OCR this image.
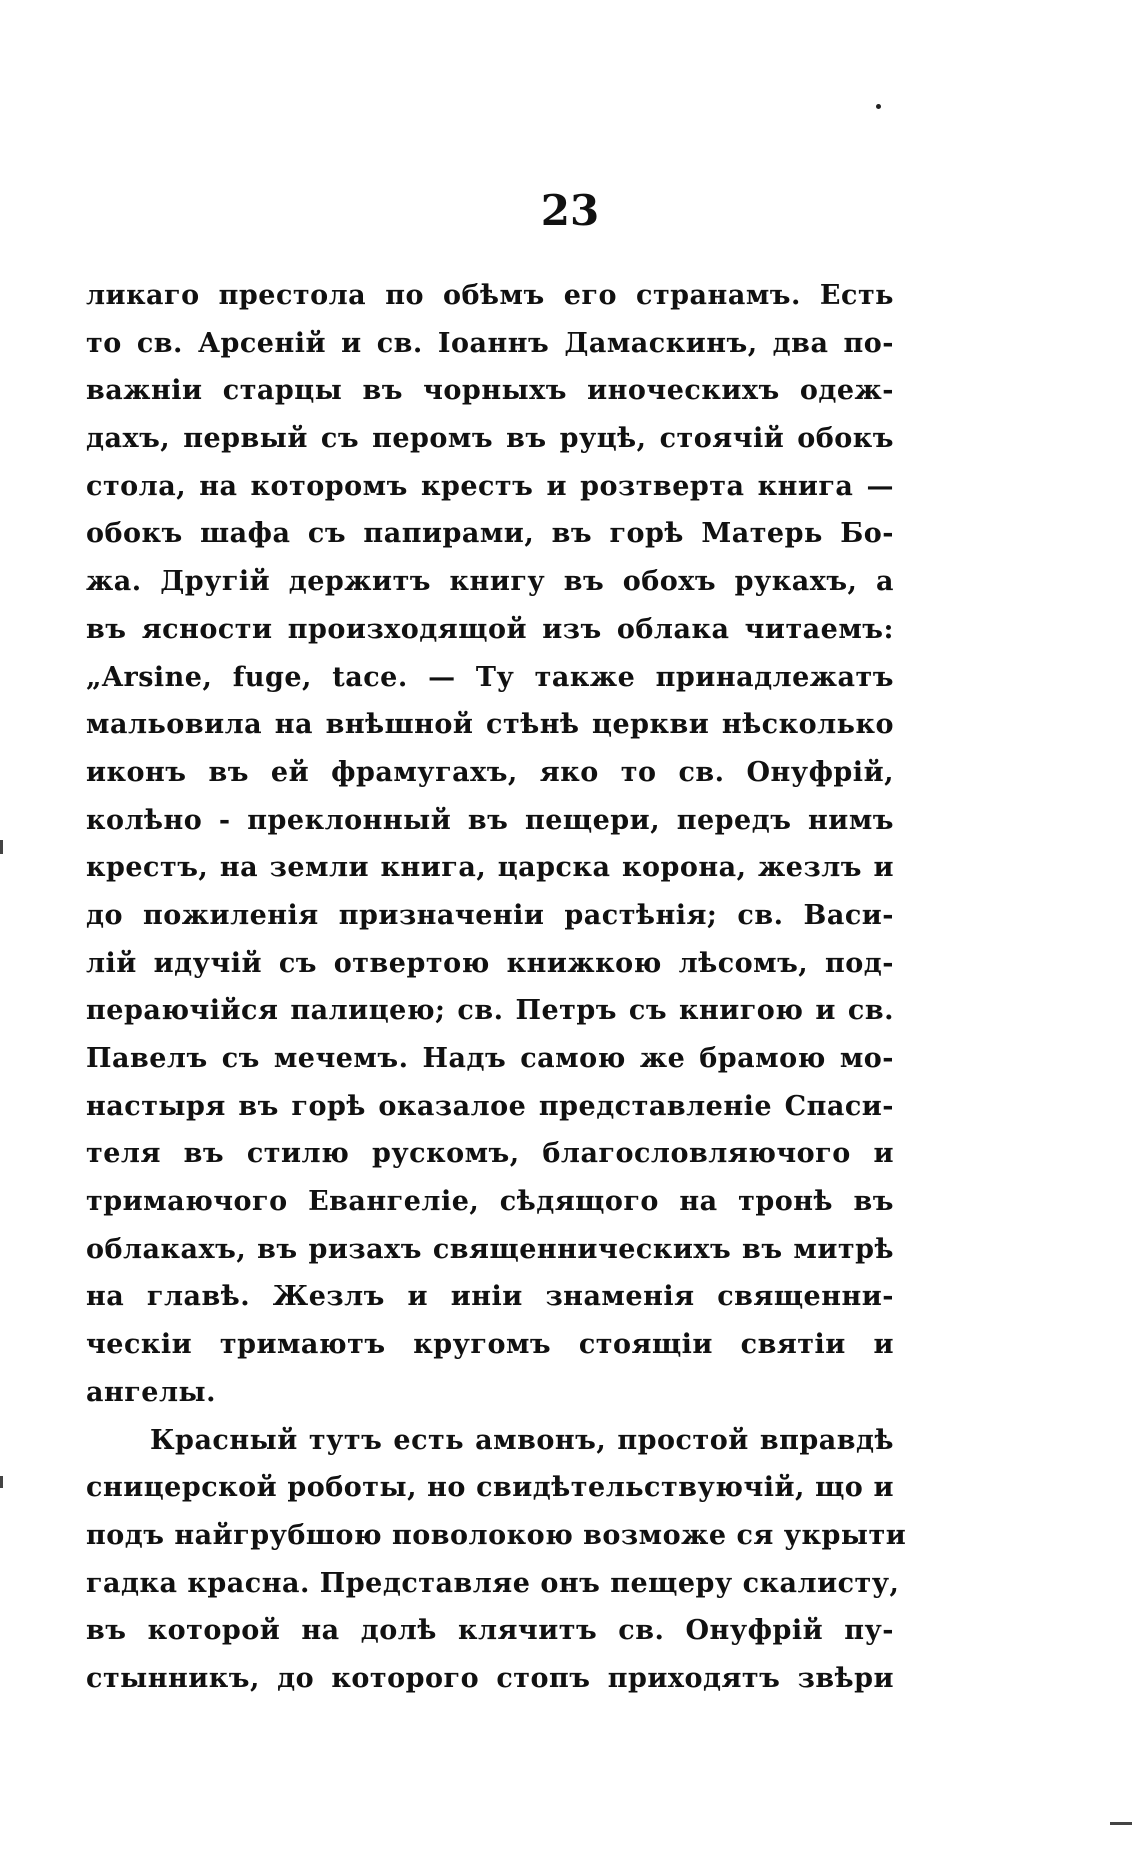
23
ликаго престола по обѣмъ его странамъ. Есть
то св. Арсеній и св. Іоаннъ Дамаскинъ, два по-
важніи старцы въ чорныхъ иноческихъ одеж-
дахъ, первый съ перомъ въ руцѣ, стоячій обокъ
стола, на которомъ крестъ и розтверта книга —
обокъ шафа съ папирами, въ горѣ Матерь Бо-
жа. Другій держитъ книгу въ обохъ рукахъ, а
въ ясности произходящой изъ облака читаемъ:
„Arsine, fuge, tace. — Ту также принадлежатъ
мальовила на внѣшной стѣнѣ церкви нѣсколько
иконъ въ ей фрамугахъ, яко то св. Онуфрій,
колѣно - преклонный въ пещери, передъ нимъ
крестъ, на земли книга, царска корона, жезлъ и
до пожиленія призначеніи растѣнія; св. Васи-
лій идучій съ отвертою книжкою лѣсомъ, под-
пераючійся палицею; св. Петръ съ книгою и св.
Павелъ съ мечемъ. Надъ самою же брамою мо-
настыря въ горѣ оказалое представленіе Спаси-
теля въ стилю рускомъ, благословляючого и
тримаючого Евангеліе, сѣдящого на тронѣ въ
облакахъ, въ ризахъ священническихъ въ митрѣ
на главѣ. Жезлъ и иніи знаменія священни-
ческіи тримаютъ кругомъ стоящіи святіи и
ангелы.
Красный тутъ есть амвонъ, простой вправдѣ
сницерской роботы, но свидѣтельствуючій, що и
подъ найгрубшою поволокою возможе ся укрыти
гадка красна. Представляе онъ пещеру скалисту,
въ которой на долѣ клячитъ св. Онуфрій пу-
стынникъ, до которого стопъ приходятъ звѣри
